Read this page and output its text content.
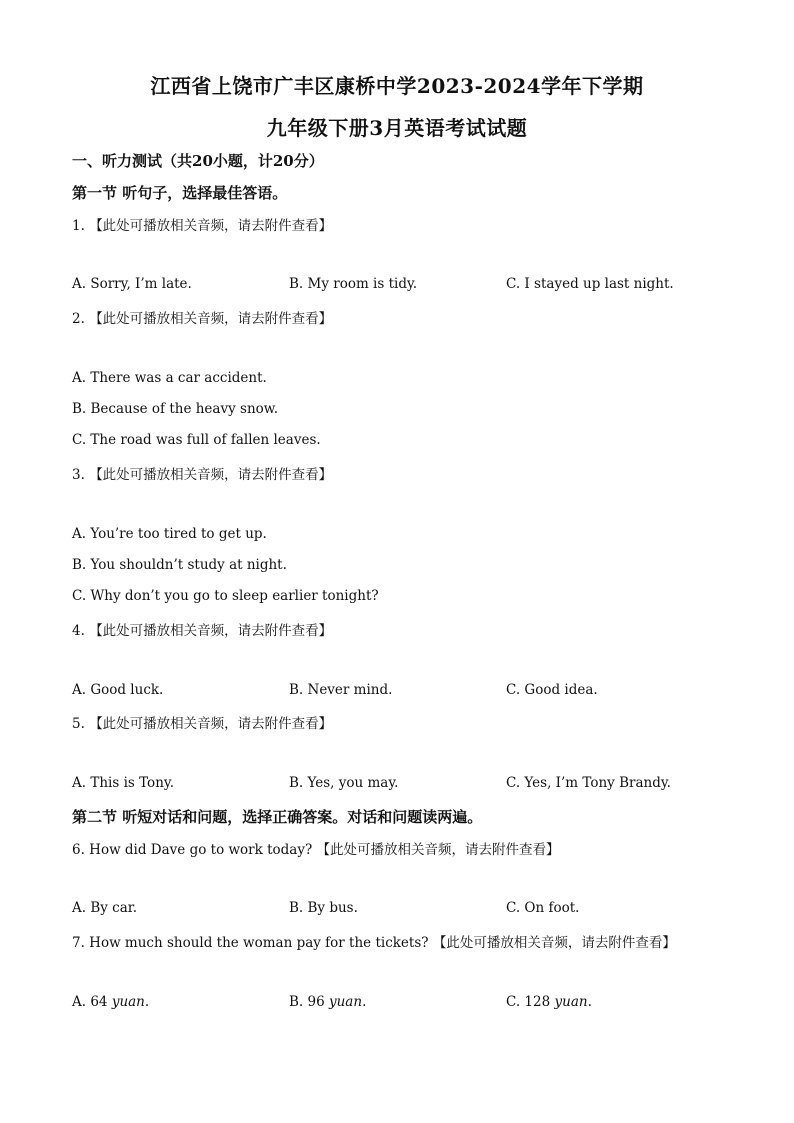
江西省上饶市广丰区康桥中学2023-2024学年下学期
九年级下册3月英语考试试题
一、听力测试（共20小题，计20分）
第一节 听句子，选择最佳答语。
1. 【此处可播放相关音频，请去附件查看】
A. Sorry, I’m late.	B. My room is tidy.	C. I stayed up last night.
2. 【此处可播放相关音频，请去附件查看】
A. There was a car accident.
B. Because of the heavy snow.
C. The road was full of fallen leaves.
3. 【此处可播放相关音频，请去附件查看】
A. You’re too tired to get up.
B. You shouldn’t study at night.
C. Why don’t you go to sleep earlier tonight?
4. 【此处可播放相关音频，请去附件查看】
A. Good luck.	B. Never mind.	C. Good idea.
5. 【此处可播放相关音频，请去附件查看】
A. This is Tony.	B. Yes, you may.	C. Yes, I’m Tony Brandy.
第二节 听短对话和问题，选择正确答案。对话和问题读两遍。
6. How did Dave go to work today? 【此处可播放相关音频，请去附件查看】
A. By car.	B. By bus.	C. On foot.
7. How much should the woman pay for the tickets? 【此处可播放相关音频，请去附件查看】
A. 64 yuan.	B. 96 yuan.	C. 128 yuan.
